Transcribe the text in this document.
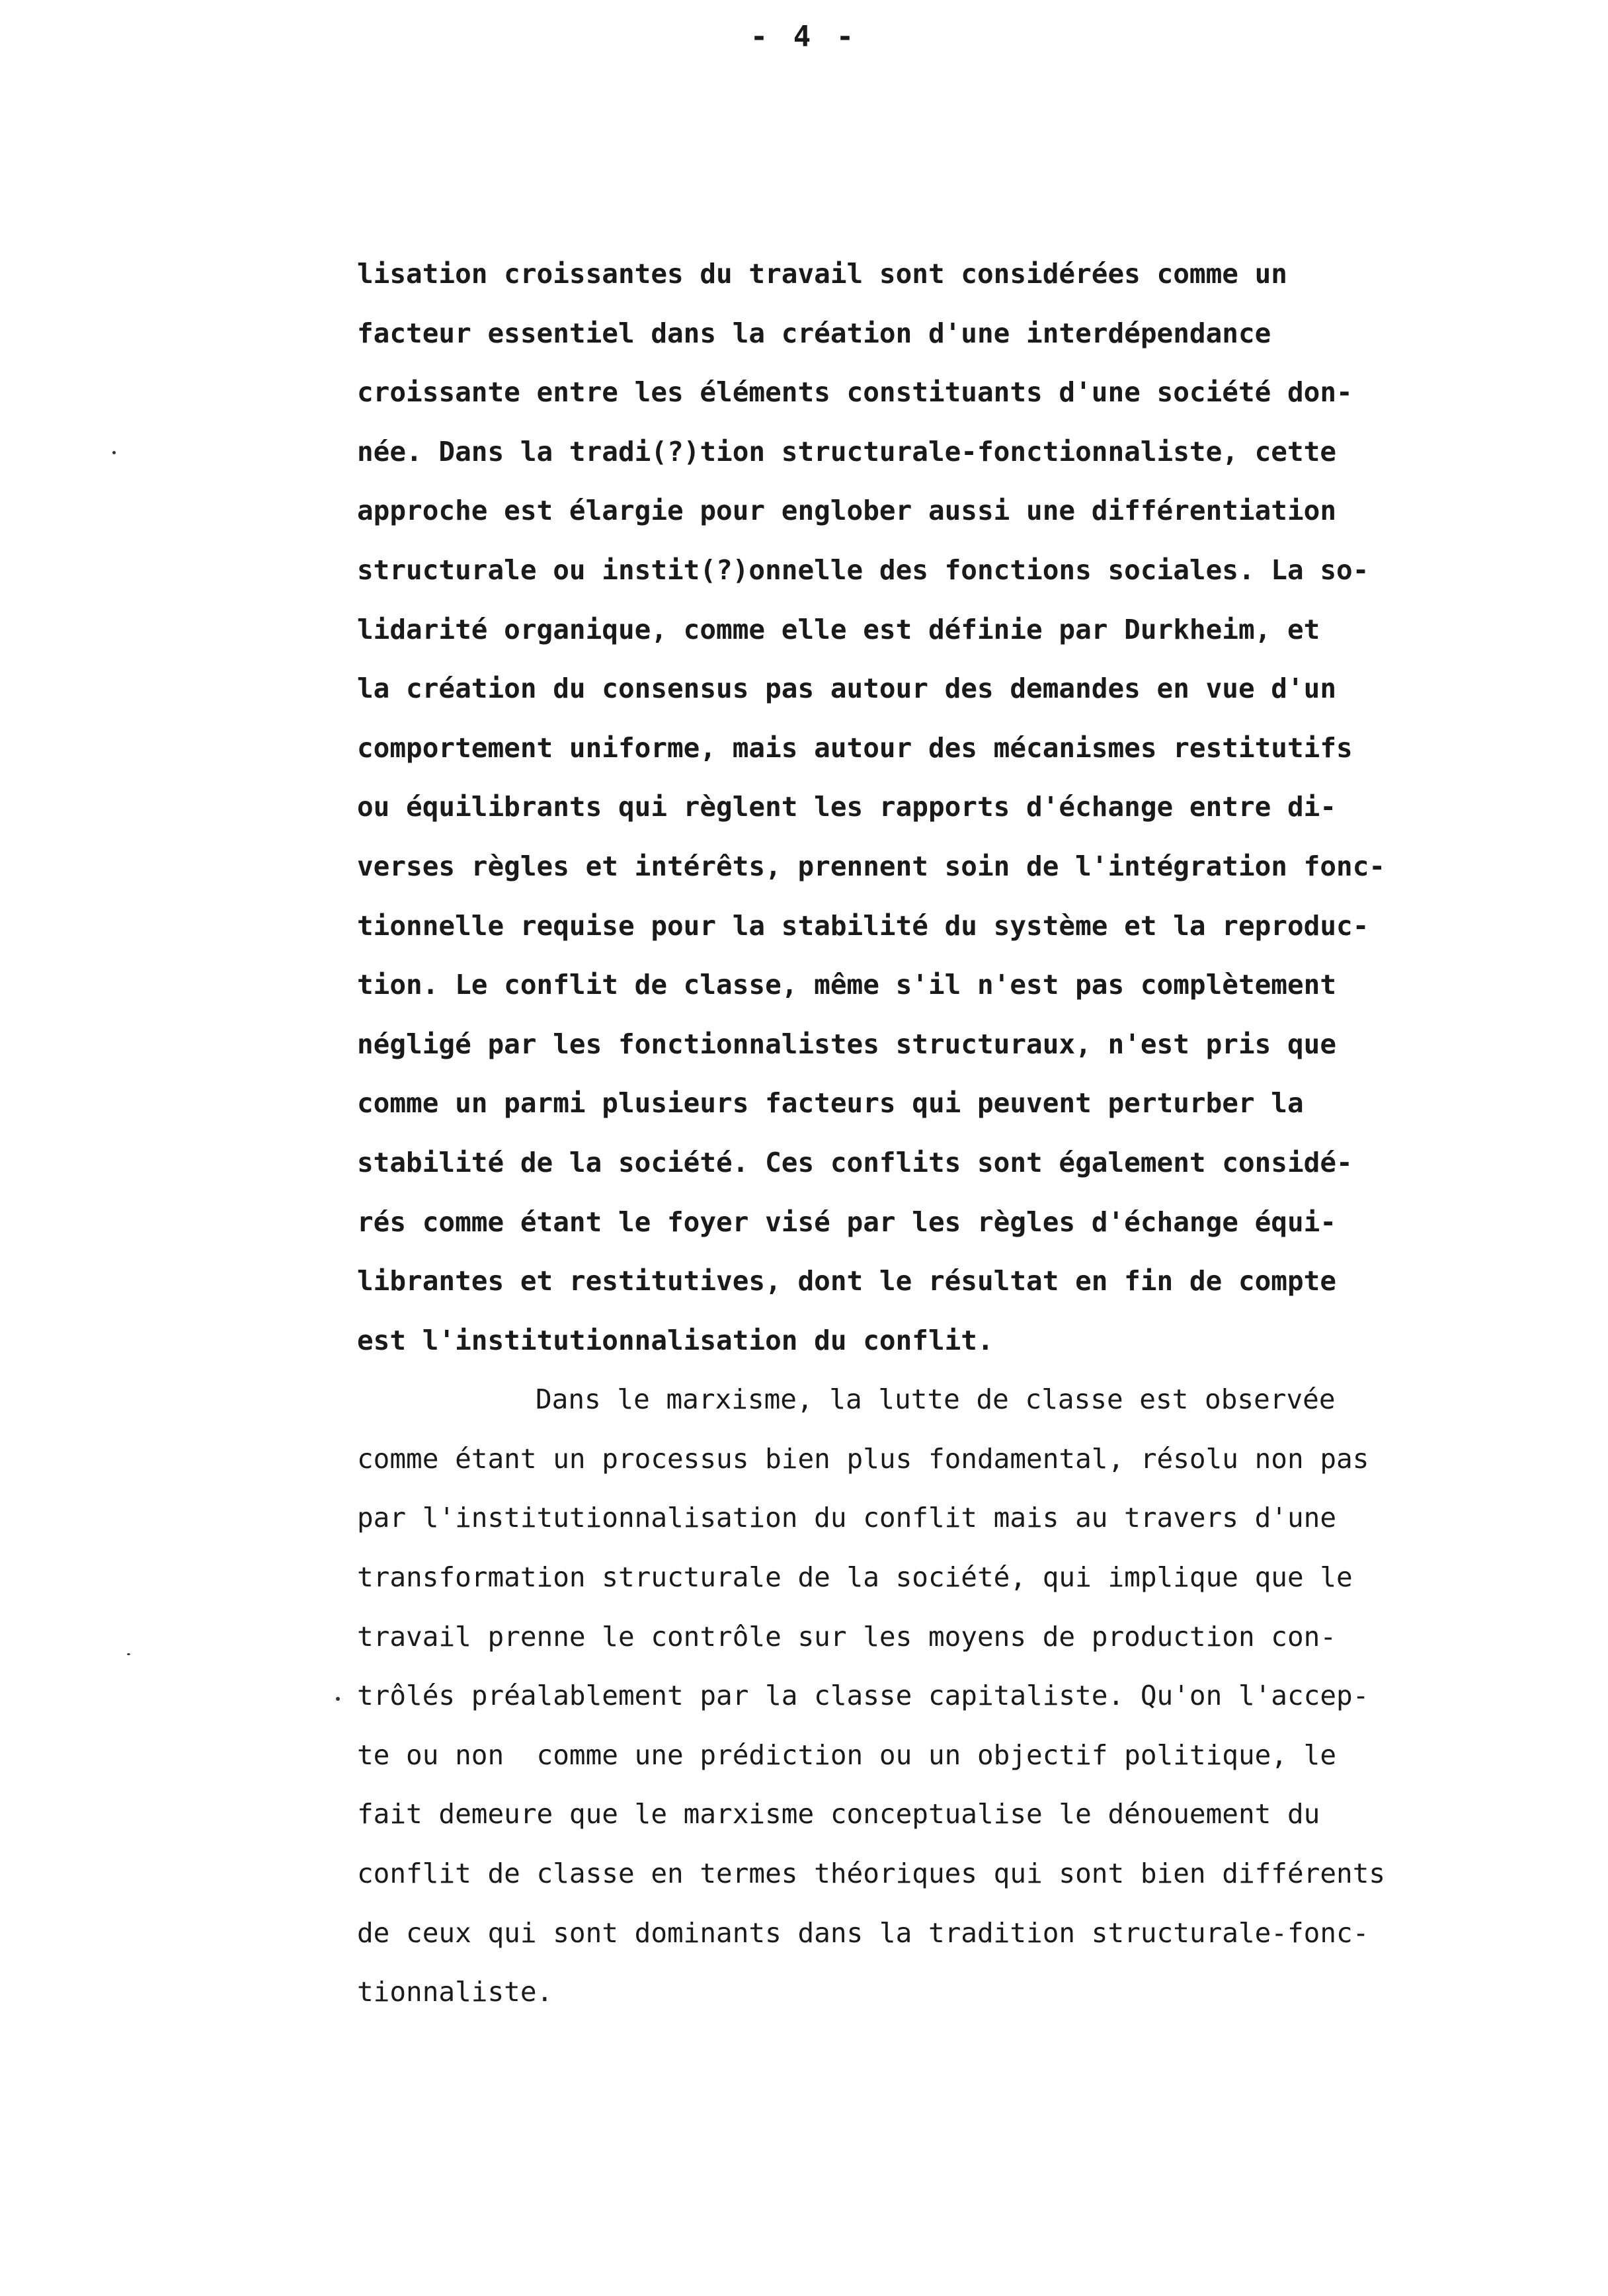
- 4 -
lisation croissantes du travail sont considérées comme un
facteur essentiel dans la création d'une interdépendance
croissante entre les éléments constituants d'une société don-
née. Dans la tradi(?)tion structurale-fonctionnaliste, cette
approche est élargie pour englober aussi une différentiation
structurale ou instit(?)onnelle des fonctions sociales. La so-
lidarité organique, comme elle est définie par Durkheim, et
la création du consensus pas autour des demandes en vue d'un
comportement uniforme, mais autour des mécanismes restitutifs
ou équilibrants qui règlent les rapports d'échange entre di-
verses règles et intérêts, prennent soin de l'intégration fonc-
tionnelle requise pour la stabilité du système et la reproduc-
tion. Le conflit de classe, même s'il n'est pas complètement
négligé par les fonctionnalistes structuraux, n'est pris que
comme un parmi plusieurs facteurs qui peuvent perturber la
stabilité de la société. Ces conflits sont également considé-
rés comme étant le foyer visé par les règles d'échange équi-
librantes et restitutives, dont le résultat en fin de compte
est l'institutionnalisation du conflit.
Dans le marxisme, la lutte de classe est observée
comme étant un processus bien plus fondamental, résolu non pas
par l'institutionnalisation du conflit mais au travers d'une
transformation structurale de la société, qui implique que le
travail prenne le contrôle sur les moyens de production con-
trôlés préalablement par la classe capitaliste. Qu'on l'accep-
te ou non  comme une prédiction ou un objectif politique, le
fait demeure que le marxisme conceptualise le dénouement du
conflit de classe en termes théoriques qui sont bien différents
de ceux qui sont dominants dans la tradition structurale-fonc-
tionnaliste.
